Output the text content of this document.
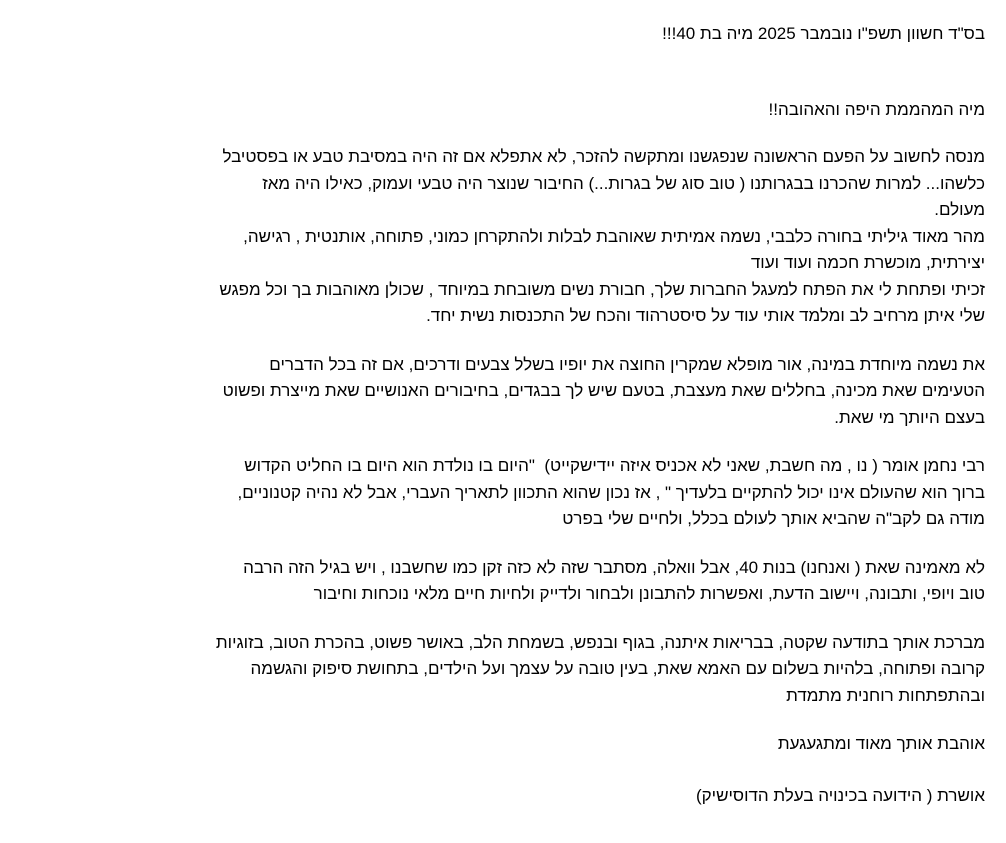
בס"ד חשוון תשפ"ו נובמבר 2025 מיה בת 40!!!

מיה המהממת היפה והאהובה!!

מנסה לחשוב על הפעם הראשונה שנפגשנו ומתקשה להזכר, לא אתפלא אם זה היה במסיבת טבע או בפסטיבל

כלשהו... למרות שהכרנו בבגרותנו ( טוב סוג של בגרות...) החיבור שנוצר היה טבעי ועמוק, כאילו היה מאז

מעולם.

מהר מאוד גיליתי בחורה כלבבי, נשמה אמיתית שאוהבת לבלות ולהתקרחן כמוני, פתוחה, אותנטית , רגישה,

יצירתית, מוכשרת חכמה ועוד ועוד

זכיתי ופתחת לי את הפתח למעגל החברות שלך, חבורת נשים משובחת במיוחד , שכולן מאוהבות בך וכל מפגש

שלי איתן מרחיב לב ומלמד אותי עוד על סיסטרהוד והכח של התכנסות נשית יחד.

את נשמה מיוחדת במינה, אור מופלא שמקרין החוצה את יופיו בשלל צבעים ודרכים, אם זה בכל הדברים

הטעימים שאת מכינה, בחללים שאת מעצבת, בטעם שיש לך בבגדים, בחיבורים האנושיים שאת מייצרת ופשוט

בעצם היותך מי שאת.

רבי נחמן אומר ( נו , מה חשבת, שאני לא אכניס איזה יידישקייט)  "היום בו נולדת הוא היום בו החליט הקדוש

ברוך הוא שהעולם אינו יכול להתקיים בלעדיך " , אז נכון שהוא התכוון לתאריך העברי, אבל לא נהיה קטנוניים,

מודה גם לקב"ה שהביא אותך לעולם בכלל, ולחיים שלי בפרט

לא מאמינה שאת ( ואנחנו) בנות 40, אבל וואלה, מסתבר שזה לא כזה זקן כמו שחשבנו , ויש בגיל הזה הרבה

טוב ויופי, ותבונה, ויישוב הדעת, ואפשרות להתבונן ולבחור ולדייק ולחיות חיים מלאי נוכחות וחיבור

מברכת אותך בתודעה שקטה, בבריאות איתנה, בגוף ובנפש, בשמחת הלב, באושר פשוט, בהכרת הטוב, בזוגיות

קרובה ופתוחה, בלהיות בשלום עם האמא שאת, בעין טובה על עצמך ועל הילדים, בתחושת סיפוק והגשמה

ובהתפתחות רוחנית מתמדת

אוהבת אותך מאוד ומתגעגעת

אושרת ( הידועה בכינויה בעלת הדוסישיק)
